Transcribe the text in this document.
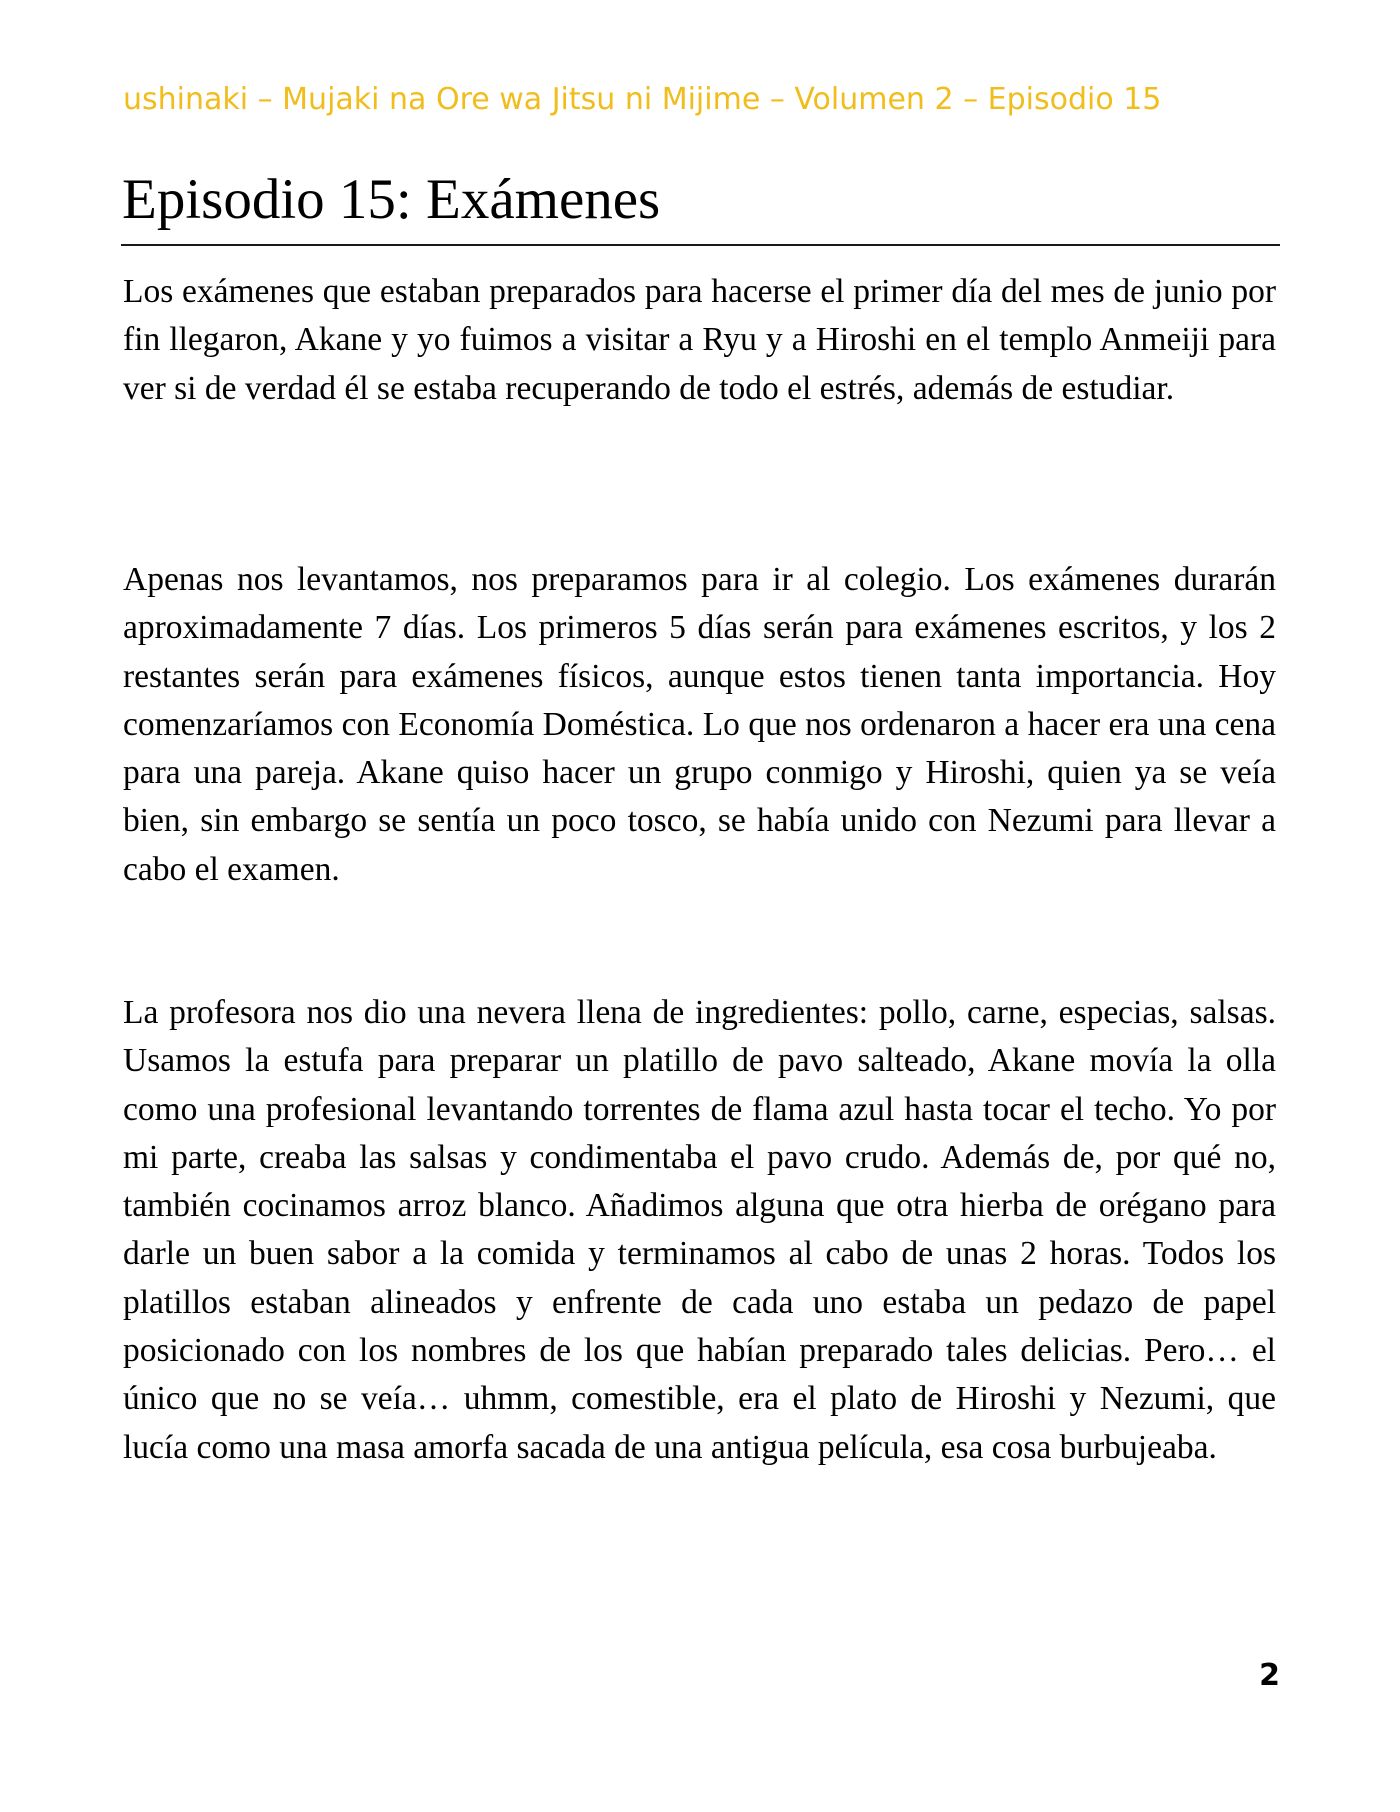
ushinaki – Mujaki na Ore wa Jitsu ni Mijime – Volumen 2 – Episodio 15
Episodio 15: Exámenes

Los exámenes que estaban preparados para hacerse el primer día del mes de junio por fin llegaron, Akane y yo fuimos a visitar a Ryu y a Hiroshi en el templo Anmeiji para ver si de verdad él se estaba recuperando de todo el estrés, además de estudiar.

Apenas nos levantamos, nos preparamos para ir al colegio. Los exámenes durarán aproximadamente 7 días. Los primeros 5 días serán para exámenes escritos, y los 2 restantes serán para exámenes físicos, aunque estos tienen tanta importancia. Hoy comenzaríamos con Economía Doméstica. Lo que nos ordenaron a hacer era una cena para una pareja. Akane quiso hacer un grupo conmigo y Hiroshi, quien ya se veía bien, sin embargo se sentía un poco tosco, se había unido con Nezumi para llevar a cabo el examen.

La profesora nos dio una nevera llena de ingredientes: pollo, carne, especias, salsas. Usamos la estufa para preparar un platillo de pavo salteado, Akane movía la olla como una profesional levantando torrentes de flama azul hasta tocar el techo. Yo por mi parte, creaba las salsas y condimentaba el pavo crudo. Además de, por qué no, también cocinamos arroz blanco. Añadimos alguna que otra hierba de orégano para darle un buen sabor a la comida y terminamos al cabo de unas 2 horas. Todos los platillos estaban alineados y enfrente de cada uno estaba un pedazo de papel posicionado con los nombres de los que habían preparado tales delicias. Pero… el único que no se veía… uhmm, comestible, era el plato de Hiroshi y Nezumi, que lucía como una masa amorfa sacada de una antigua película, esa cosa burbujeaba.

2
